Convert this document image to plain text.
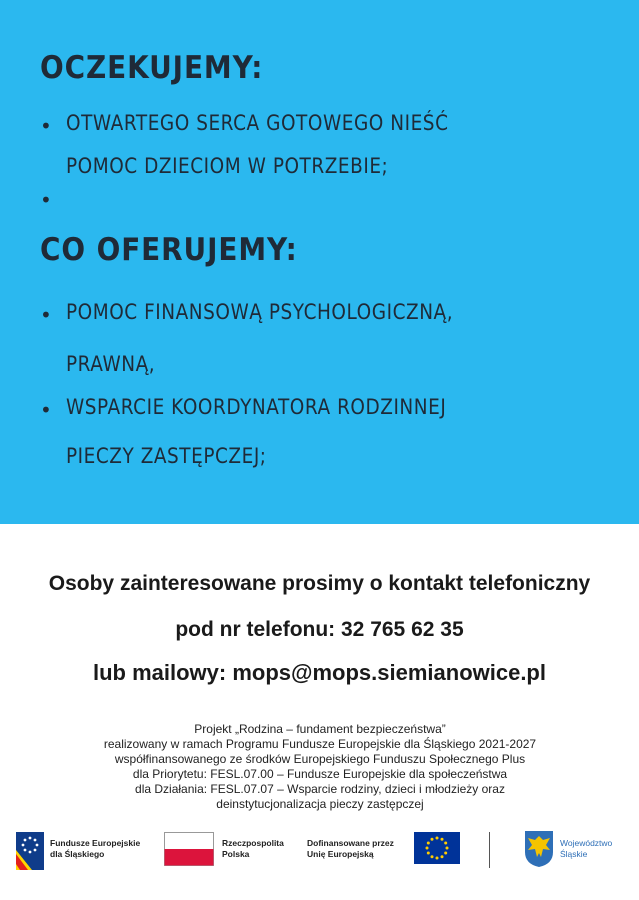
OCZEKUJEMY:
• OTWARTEGO SERCA GOTOWEGO NIEŚĆ

POMOC DZIECIOM W POTRZEBIE;

•
CO OFERUJEMY:
• POMOC FINANSOWĄ PSYCHOLOGICZNĄ,

PRAWNĄ,

• WSPARCIE KOORDYNATORA RODZINNEJ

PIECZY ZASTĘPCZEJ;

Osoby zainteresowane prosimy o kontakt telefoniczny

pod nr telefonu: 32 765 62 35

lub mailowy: mops@mops.siemianowice.pl

Projekt „Rodzina – fundament bezpieczeństwa”
realizowany w ramach Programu Fundusze Europejskie dla Śląskiego 2021-2027
współfinansowanego ze środków Europejskiego Funduszu Społecznego Plus
dla Priorytetu: FESL.07.00 – Fundusze Europejskie dla społeczeństwa
dla Działania: FESL.07.07 – Wsparcie rodziny, dzieci i młodzieży oraz
deinstytucjonalizacja pieczy zastępczej
Fundusze Europejskie
dla Śląskiego
Rzeczpospolita
Polska
Dofinansowane przez
Unię Europejską
Województwo
Śląskie
